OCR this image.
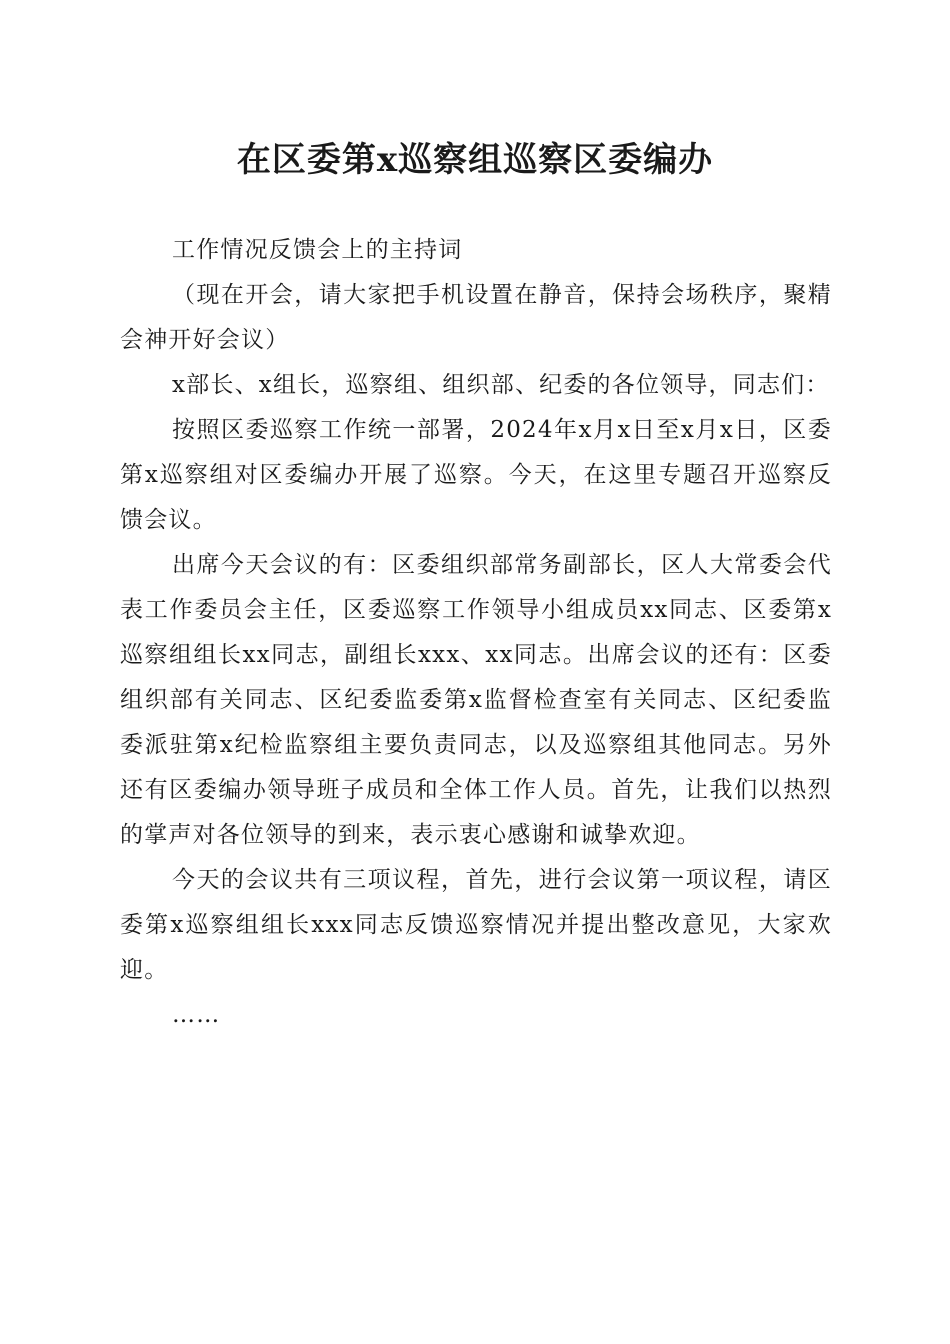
在区委第x巡察组巡察区委编办

工作情况反馈会上的主持词

（现在开会，请大家把手机设置在静音，保持会场秩序，聚精会神开好会议）

x部长、x组长，巡察组、组织部、纪委的各位领导，同志们：

按照区委巡察工作统一部署，2024年x月x日至x月x日，区委第x巡察组对区委编办开展了巡察。今天，在这里专题召开巡察反馈会议。

出席今天会议的有：区委组织部常务副部长，区人大常委会代表工作委员会主任，区委巡察工作领导小组成员xx同志、区委第x巡察组组长xx同志，副组长xxx、xx同志。出席会议的还有：区委组织部有关同志、区纪委监委第x监督检查室有关同志、区纪委监委派驻第x纪检监察组主要负责同志，以及巡察组其他同志。另外还有区委编办领导班子成员和全体工作人员。首先，让我们以热烈的掌声对各位领导的到来，表示衷心感谢和诚挚欢迎。

今天的会议共有三项议程，首先，进行会议第一项议程，请区委第x巡察组组长xxx同志反馈巡察情况并提出整改意见，大家欢迎。

……
